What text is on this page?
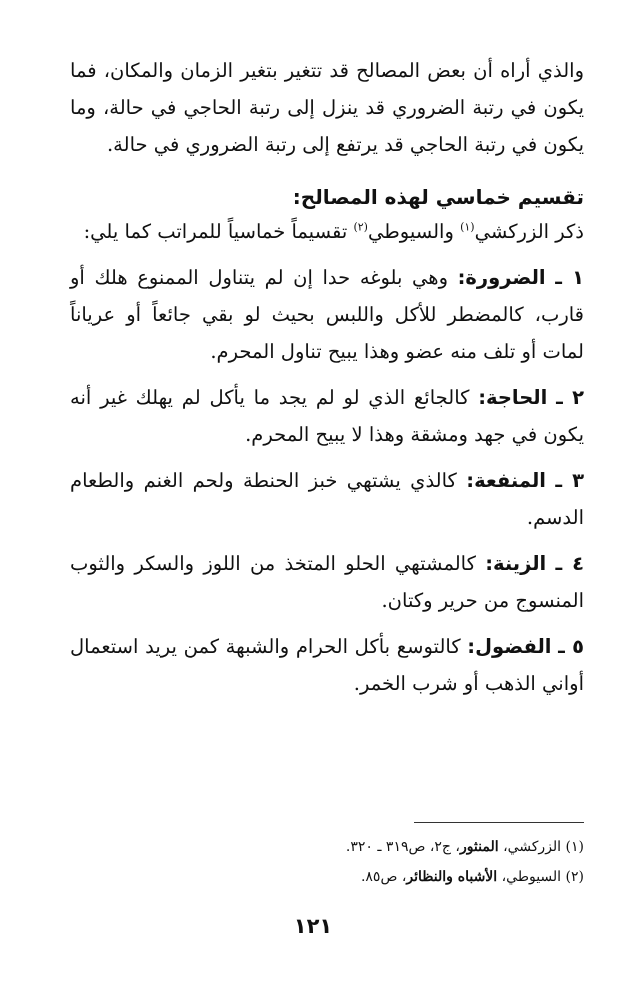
والذي أراه أن بعض المصالح قد تتغير بتغير الزمان والمكان، فما يكون في رتبة الضروري قد ينزل إلى رتبة الحاجي في حالة، وما يكون في رتبة الحاجي قد يرتفع إلى رتبة الضروري في حالة.

تقسيم خماسي لهذه المصالح:

ذكر الزركشي$^{(١)}$ والسيوطي$^{(٢)}$ تقسيماً خماسياً للمراتب كما يلي:

١ ـ الضرورة: وهي بلوغه حدا إن لم يتناول الممنوع هلك أو قارب، كالمضطر للأكل واللبس بحيث لو بقي جائعاً أو عرياناً لمات أو تلف منه عضو وهذا يبيح تناول المحرم.

٢ ـ الحاجة: كالجائع الذي لو لم يجد ما يأكل لم يهلك غير أنه يكون في جهد ومشقة وهذا لا يبيح المحرم.

٣ ـ المنفعة: كالذي يشتهي خبز الحنطة ولحم الغنم والطعام الدسم.

٤ ـ الزينة: كالمشتهي الحلو المتخذ من اللوز والسكر والثوب المنسوج من حرير وكتان.

٥ ـ الفضول: كالتوسع بأكل الحرام والشبهة كمن يريد استعمال أواني الذهب أو شرب الخمر.

(١) الزركشي، المنثور، ج٢، ص٣١٩ ـ ٣٢٠.
(٢) السيوطي، الأشباه والنظائر، ص٨٥.
١٢١
